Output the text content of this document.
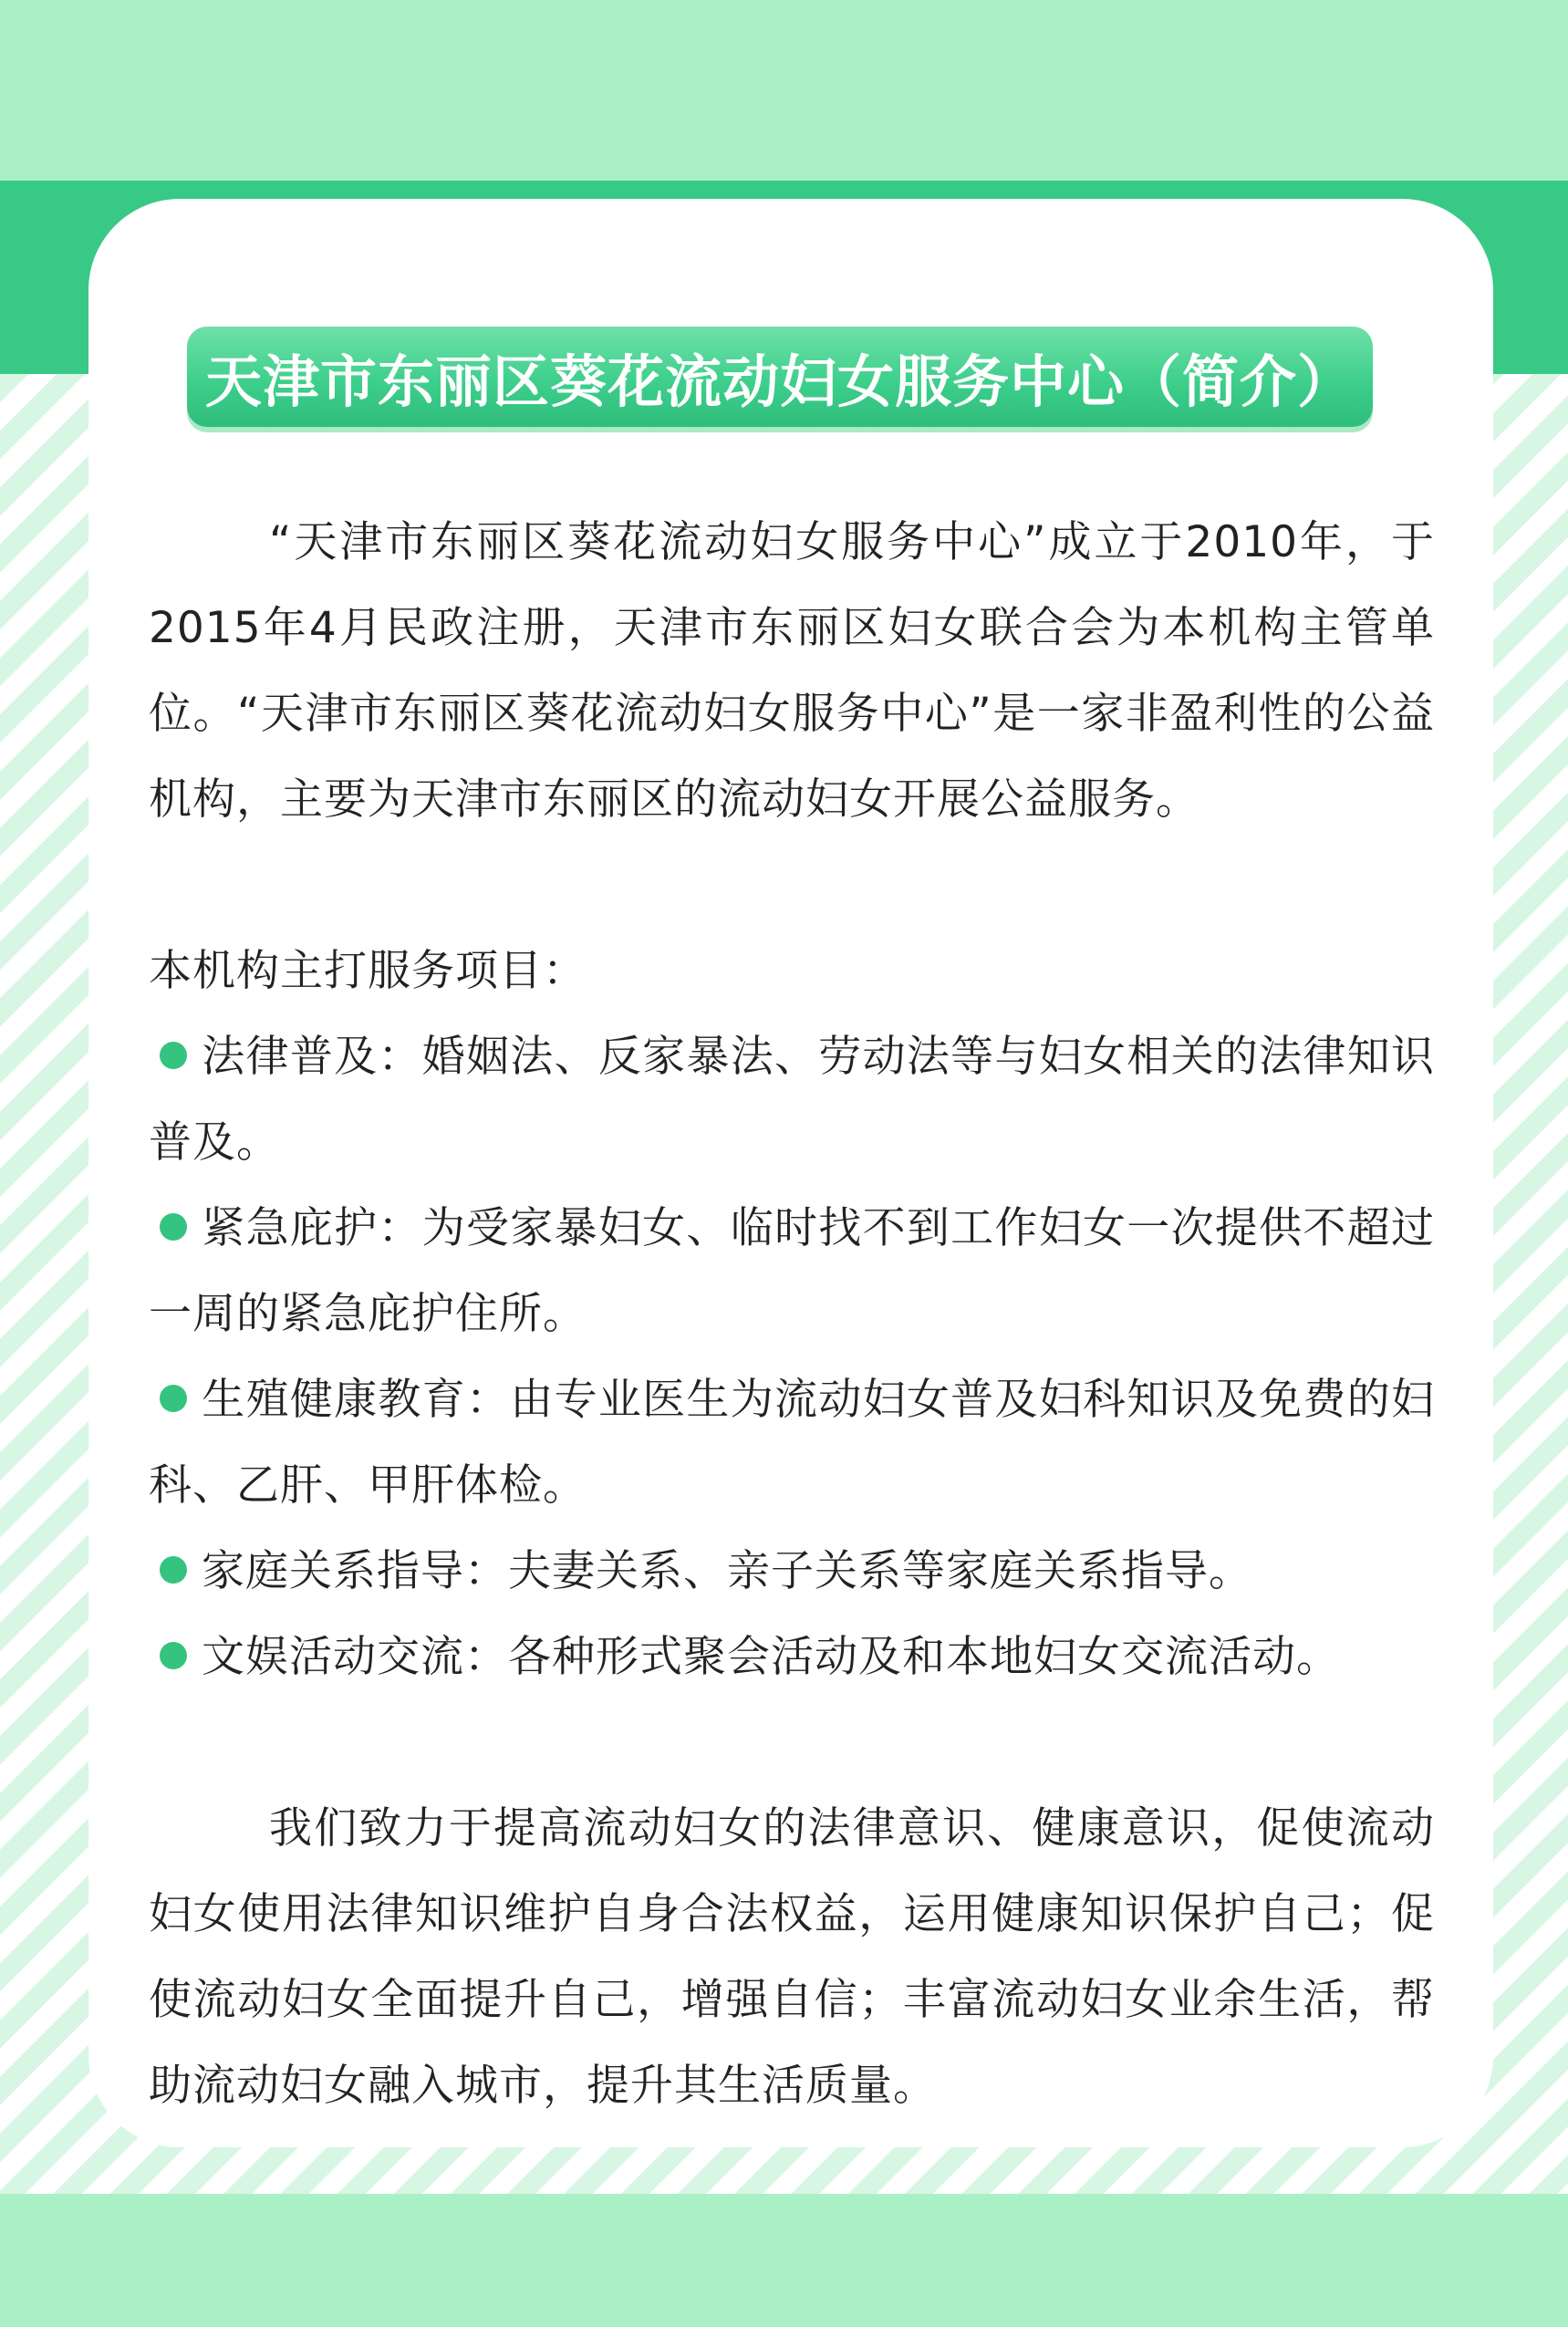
天津市东丽区葵花流动妇女服务中心（简介）

“天津市东丽区葵花流动妇女服务中心”成立于2010年，于2015年4月民政注册，天津市东丽区妇女联合会为本机构主管单位。“天津市东丽区葵花流动妇女服务中心”是一家非盈利性的公益机构，主要为天津市东丽区的流动妇女开展公益服务。

本机构主打服务项目：

法律普及：婚姻法、反家暴法、劳动法等与妇女相关的法律知识普及。

紧急庇护：为受家暴妇女、临时找不到工作妇女一次提供不超过一周的紧急庇护住所。

生殖健康教育：由专业医生为流动妇女普及妇科知识及免费的妇科、乙肝、甲肝体检。

家庭关系指导：夫妻关系、亲子关系等家庭关系指导。

文娱活动交流：各种形式聚会活动及和本地妇女交流活动。

我们致力于提高流动妇女的法律意识、健康意识，促使流动妇女使用法律知识维护自身合法权益，运用健康知识保护自己；促使流动妇女全面提升自己，增强自信；丰富流动妇女业余生活，帮助流动妇女融入城市，提升其生活质量。
